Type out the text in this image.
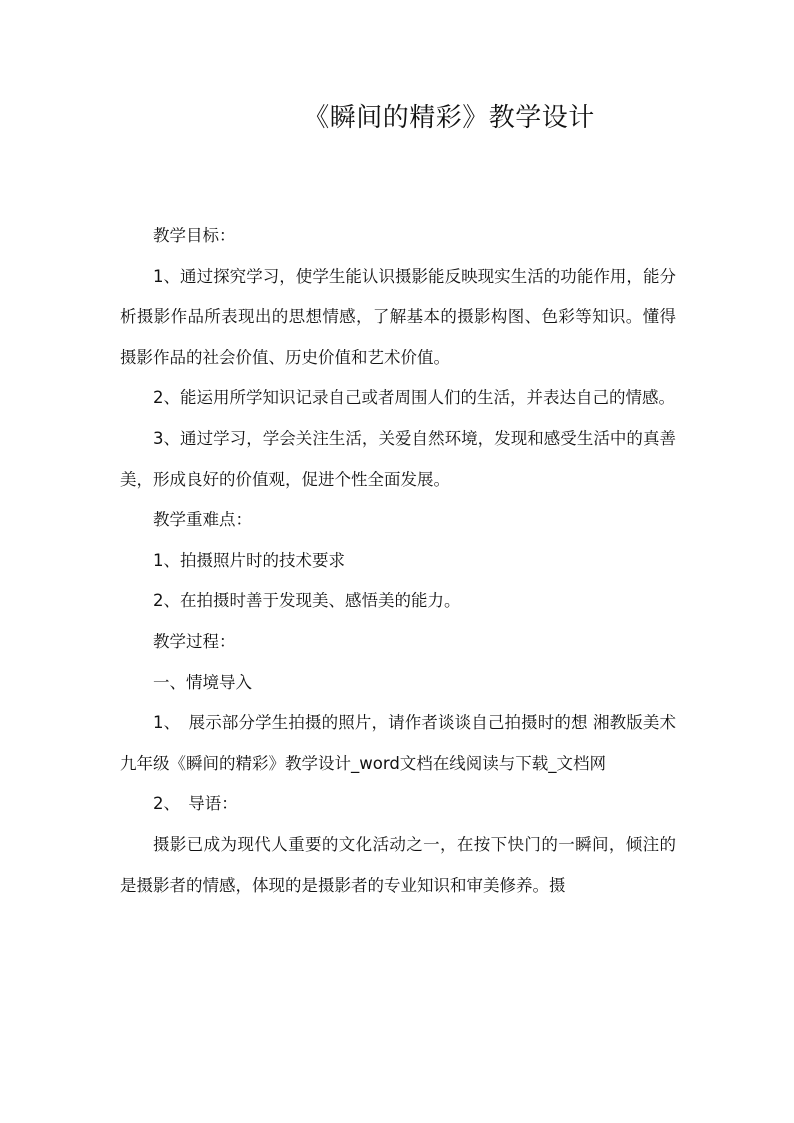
《瞬间的精彩》教学设计

教学目标：

1、通过探究学习，使学生能认识摄影能反映现实生活的功能作用，能分析摄影作品所表现出的思想情感，了解基本的摄影构图、色彩等知识。懂得摄影作品的社会价值、历史价值和艺术价值。

2、能运用所学知识记录自己或者周围人们的生活，并表达自己的情感。

3、通过学习，学会关注生活，关爱自然环境，发现和感受生活中的真善美，形成良好的价值观，促进个性全面发展。

教学重难点：

1、拍摄照片时的技术要求

2、在拍摄时善于发现美、感悟美的能力。

教学过程：

一、情境导入

1、　展示部分学生拍摄的照片，请作者谈谈自己拍摄时的想 湘教版美术九年级《瞬间的精彩》教学设计_word文档在线阅读与下载_文档网

2、　导语：

摄影已成为现代人重要的文化活动之一，在按下快门的一瞬间，倾注的是摄影者的情感，体现的是摄影者的专业知识和审美修养。摄
